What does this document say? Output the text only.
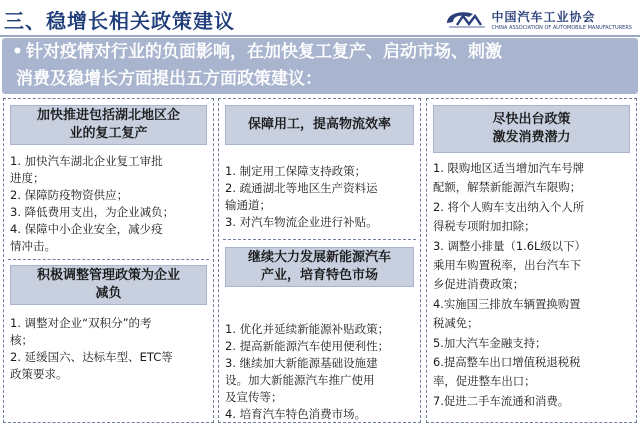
三、稳增长相关政策建议	中国汽车工业协会
CHINA ASSOCIATION OF AUTOMOBILE MANUFACTURERS
• 针对疫情对行业的负面影响，在加快复工复产、启动市场、刺激
消费及稳增长方面提出五方面政策建议：
加快推进包括湖北地区企
业的复工复产
1. 加快汽车湖北企业复工审批
进度；
2. 保障防疫物资供应；
3. 降低费用支出，为企业减负；
4. 保障中小企业安全，减少疫
情冲击。
积极调整管理政策为企业
减负
1. 调整对企业“双积分”的考
核；
2. 延缓国六、达标车型、ETC等
政策要求。
保障用工，提高物流效率
1. 制定用工保障支持政策；
2. 疏通湖北等地区生产资料运
输通道；
3. 对汽车物流企业进行补贴。
继续大力发展新能源汽车
产业，培育特色市场
1. 优化并延续新能源补贴政策；
2. 提高新能源汽车使用便利性；
3. 继续加大新能源基础设施建
设。加大新能源汽车推广使用
及宣传等；
4. 培育汽车特色消费市场。
尽快出台政策
激发消费潜力
1. 限购地区适当增加汽车号牌
配额，解禁新能源汽车限购；
2. 将个人购车支出纳入个人所
得税专项附加扣除；
3. 调整小排量（1.6L级以下）
乘用车购置税率，出台汽车下
乡促进消费政策；
4.实施国三排放车辆置换购置
税减免；
5.加大汽车金融支持；
6.提高整车出口增值税退税税
率，促进整车出口；
7.促进二手车流通和消费。
